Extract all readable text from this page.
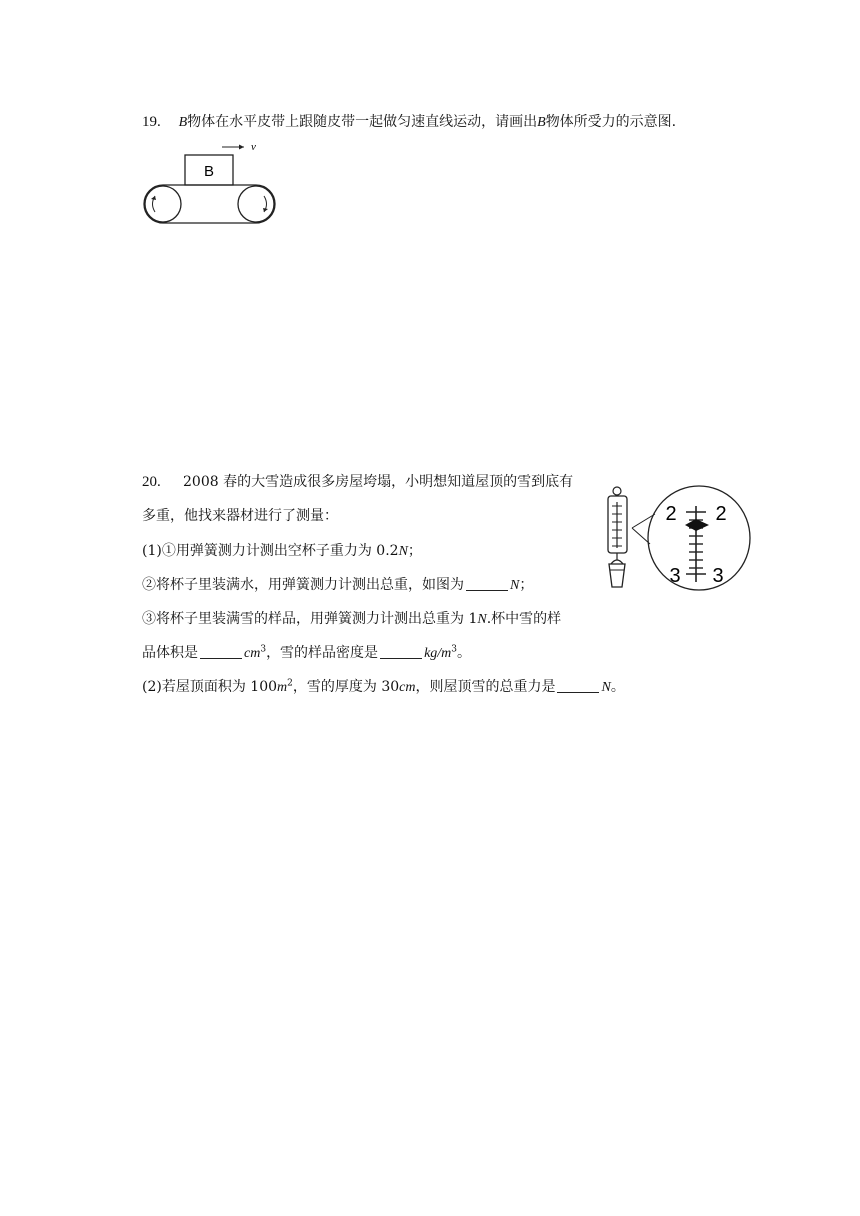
19. B物体在水平皮带上跟随皮带一起做匀速直线运动，请画出B物体所受力的示意图.
B
v
20. 2008 春的大雪造成很多房屋垮塌，小明想知道屋顶的雪到底有
多重，他找来器材进行了测量：
(1)①用弹簧测力计测出空杯子重力为 0.2N；
②将杯子里装满水，用弹簧测力计测出总重，如图为	N；
③将杯子里装满雪的样品，用弹簧测力计测出总重为 1N.杯中雪的样
品体积是	$cm^3$，雪的样品密度是	$kg/m^3$。
(2)若屋顶面积为 $100m^2$，雪的厚度为 30cm，则屋顶雪的总重力是	N。
2 2
3 3
